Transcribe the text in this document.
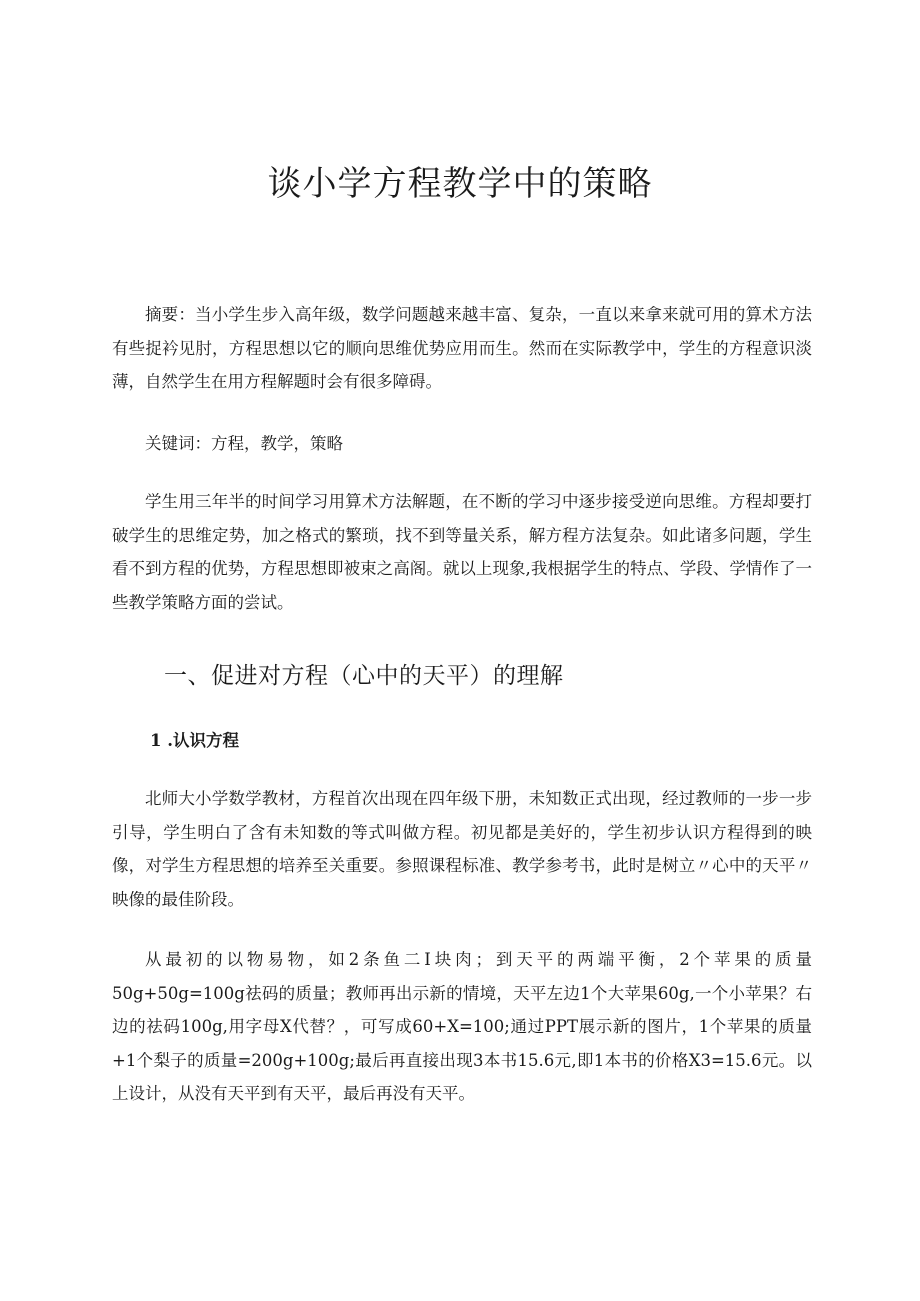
谈小学方程教学中的策略

摘要：当小学生步入高年级，数学问题越来越丰富、复杂，一直以来拿来就可用的算术方法有些捉衿见肘，方程思想以它的顺向思维优势应用而生。然而在实际教学中，学生的方程意识淡薄，自然学生在用方程解题时会有很多障碍。

关键词：方程，教学，策略

学生用三年半的时间学习用算术方法解题，在不断的学习中逐步接受逆向思维。方程却要打破学生的思维定势，加之格式的繁琐，找不到等量关系，解方程方法复杂。如此诸多问题，学生看不到方程的优势，方程思想即被束之高阁。就以上现象,我根据学生的特点、学段、学情作了一些教学策略方面的尝试。

一、促进对方程（心中的天平）的理解
1 .认识方程

北师大小学数学教材，方程首次出现在四年级下册，未知数正式出现，经过教师的一步一步引导，学生明白了含有未知数的等式叫做方程。初见都是美好的，学生初步认识方程得到的映像，对学生方程思想的培养至关重要。参照课程标准、教学参考书，此时是树立〃心中的天平〃映像的最佳阶段。

从最初的以物易物，如2条鱼二I块肉；到天平的两端平衡，2个苹果的质量50g+50g=100g祛码的质量；教师再出示新的情境，天平左边1个大苹果60g,一个小苹果？右边的祛码100g,用字母X代替？，可写成60+X=100;通过PPT展示新的图片，1个苹果的质量+1个梨子的质量=200g+100g;最后再直接出现3本书15.6元,即1本书的价格X3=15.6元。以上设计，从没有天平到有天平，最后再没有天平。
